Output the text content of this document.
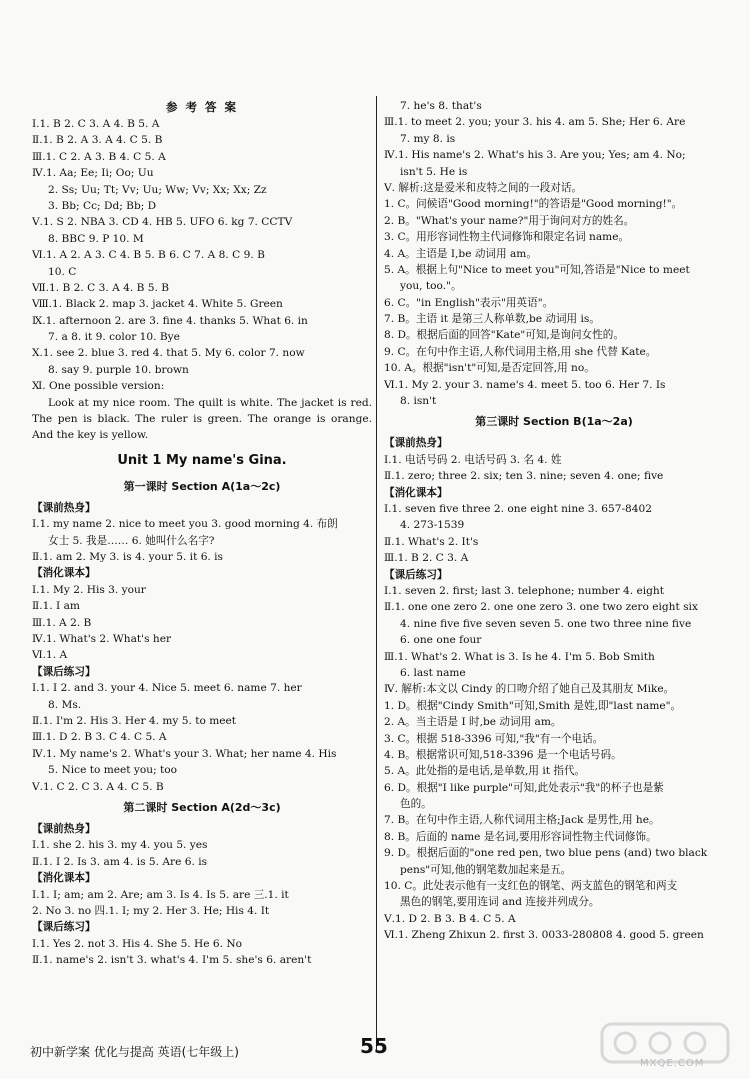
参 考 答 案
Ⅰ.1. B 2. C 3. A 4. B 5. A
Ⅱ.1. B 2. A 3. A 4. C 5. B
Ⅲ.1. C 2. A 3. B 4. C 5. A
Ⅳ.1. Aa; Ee; Ii; Oo; Uu
2. Ss; Uu; Tt; Vv; Uu; Ww; Vv; Xx; Xx; Zz
3. Bb; Cc; Dd; Bb; D
Ⅴ.1. S 2. NBA 3. CD 4. HB 5. UFO 6. kg 7. CCTV
8. BBC 9. P 10. M
Ⅵ.1. A 2. A 3. C 4. B 5. B 6. C 7. A 8. C 9. B
10. C
Ⅶ.1. B 2. C 3. A 4. B 5. B
Ⅷ.1. Black 2. map 3. jacket 4. White 5. Green
Ⅸ.1. afternoon 2. are 3. fine 4. thanks 5. What 6. in
7. a 8. it 9. color 10. Bye
Ⅹ.1. see 2. blue 3. red 4. that 5. My 6. color 7. now
8. say 9. purple 10. brown
Ⅺ. One possible version:
Look at my nice room. The quilt is white. The jacket is red. The pen is black. The ruler is green. The orange is orange. And the key is yellow.
Unit 1 My name's Gina.
第一课时 Section A(1a～2c)
【课前热身】
Ⅰ.1. my name 2. nice to meet you 3. good morning 4. 布朗
女士 5. 我是…… 6. 她叫什么名字?
Ⅱ.1. am 2. My 3. is 4. your 5. it 6. is
【消化课本】
Ⅰ.1. My 2. His 3. your
Ⅱ.1. I am
Ⅲ.1. A 2. B
Ⅳ.1. What's 2. What's her
Ⅵ.1. A
【课后练习】
Ⅰ.1. I 2. and 3. your 4. Nice 5. meet 6. name 7. her
8. Ms.
Ⅱ.1. I'm 2. His 3. Her 4. my 5. to meet
Ⅲ.1. D 2. B 3. C 4. C 5. A
Ⅳ.1. My name's 2. What's your 3. What; her name 4. His
5. Nice to meet you; too
Ⅴ.1. C 2. C 3. A 4. C 5. B
第二课时 Section A(2d～3c)
【课前热身】
Ⅰ.1. she 2. his 3. my 4. you 5. yes
Ⅱ.1. I 2. Is 3. am 4. is 5. Are 6. is
【消化课本】
Ⅰ.1. I; am; am 2. Are; am 3. Is 4. Is 5. are 三.1. it
2. No 3. no 四.1. I; my 2. Her 3. He; His 4. It
【课后练习】
Ⅰ.1. Yes 2. not 3. His 4. She 5. He 6. No
Ⅱ.1. name's 2. isn't 3. what's 4. I'm 5. she's 6. aren't
7. he's 8. that's
Ⅲ.1. to meet 2. you; your 3. his 4. am 5. She; Her 6. Are
7. my 8. is
Ⅳ.1. His name's 2. What's his 3. Are you; Yes; am 4. No;
isn't 5. He is
Ⅴ. 解析:这是爱米和皮特之间的一段对话。
1. C。问候语"Good morning!"的答语是"Good morning!"。
2. B。"What's your name?"用于询问对方的姓名。
3. C。用形容词性物主代词修饰和限定名词 name。
4. A。主语是 I,be 动词用 am。
5. A。根据上句"Nice to meet you"可知,答语是"Nice to meet
you, too."。
6. C。"in English"表示"用英语"。
7. B。主语 it 是第三人称单数,be 动词用 is。
8. D。根据后面的回答"Kate"可知,是询问女性的。
9. C。在句中作主语,人称代词用主格,用 she 代替 Kate。
10. A。根据"isn't"可知,是否定回答,用 no。
Ⅵ.1. My 2. your 3. name's 4. meet 5. too 6. Her 7. Is
8. isn't
第三课时 Section B(1a～2a)
【课前热身】
Ⅰ.1. 电话号码 2. 电话号码 3. 名 4. 姓
Ⅱ.1. zero; three 2. six; ten 3. nine; seven 4. one; five
【消化课本】
Ⅰ.1. seven five three 2. one eight nine 3. 657-8402
4. 273-1539
Ⅱ.1. What's 2. It's
Ⅲ.1. B 2. C 3. A
【课后练习】
Ⅰ.1. seven 2. first; last 3. telephone; number 4. eight
Ⅱ.1. one one zero 2. one one zero 3. one two zero eight six
4. nine five five seven seven 5. one two three nine five
6. one one four
Ⅲ.1. What's 2. What is 3. Is he 4. I'm 5. Bob Smith
6. last name
Ⅳ. 解析:本文以 Cindy 的口吻介绍了她自己及其朋友 Mike。
1. D。根据"Cindy Smith"可知,Smith 是姓,即"last name"。
2. A。当主语是 I 时,be 动词用 am。
3. C。根据 518-3396 可知,"我"有一个电话。
4. B。根据常识可知,518-3396 是一个电话号码。
5. A。此处指的是电话,是单数,用 it 指代。
6. D。根据"I like purple"可知,此处表示"我"的杯子也是紫
色的。
7. B。在句中作主语,人称代词用主格;Jack 是男性,用 he。
8. B。后面的 name 是名词,要用形容词性物主代词修饰。
9. D。根据后面的"one red pen, two blue pens (and) two black
pens"可知,他的钢笔数加起来是五。
10. C。此处表示他有一支红色的钢笔、两支蓝色的钢笔和两支
黑色的钢笔,要用连词 and 连接并列成分。
Ⅴ.1. D 2. B 3. B 4. C 5. A
Ⅵ.1. Zheng Zhixun 2. first 3. 0033-280808 4. good 5. green
初中新学案 优化与提高 英语(七年级上)	55
MXQE.COM
